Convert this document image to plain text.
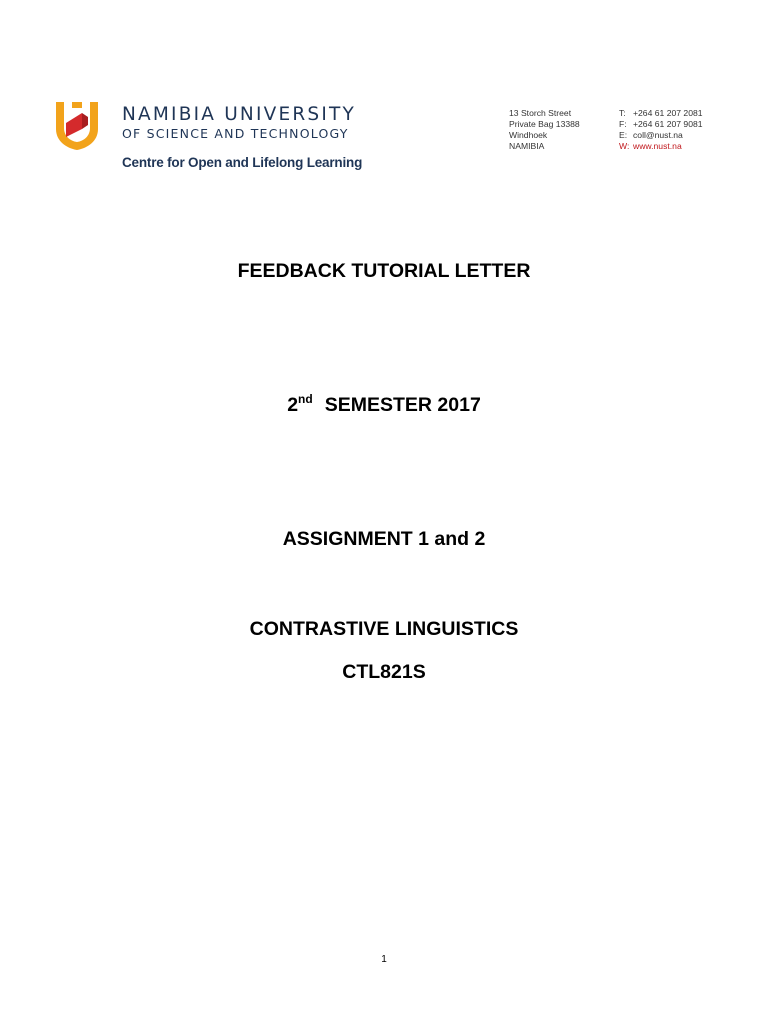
NAMIBIA UNIVERSITY
OF SCIENCE AND TECHNOLOGY
Centre for Open and Lifelong Learning
13 Storch Street
Private Bag 13388
Windhoek
NAMIBIA
T: +264 61 207 2081
F: +264 61 207 9081
E: coll@nust.na
W: www.nust.na
FEEDBACK TUTORIAL LETTER
2nd SEMESTER 2017
ASSIGNMENT 1 and 2
CONTRASTIVE LINGUISTICS
CTL821S
1
